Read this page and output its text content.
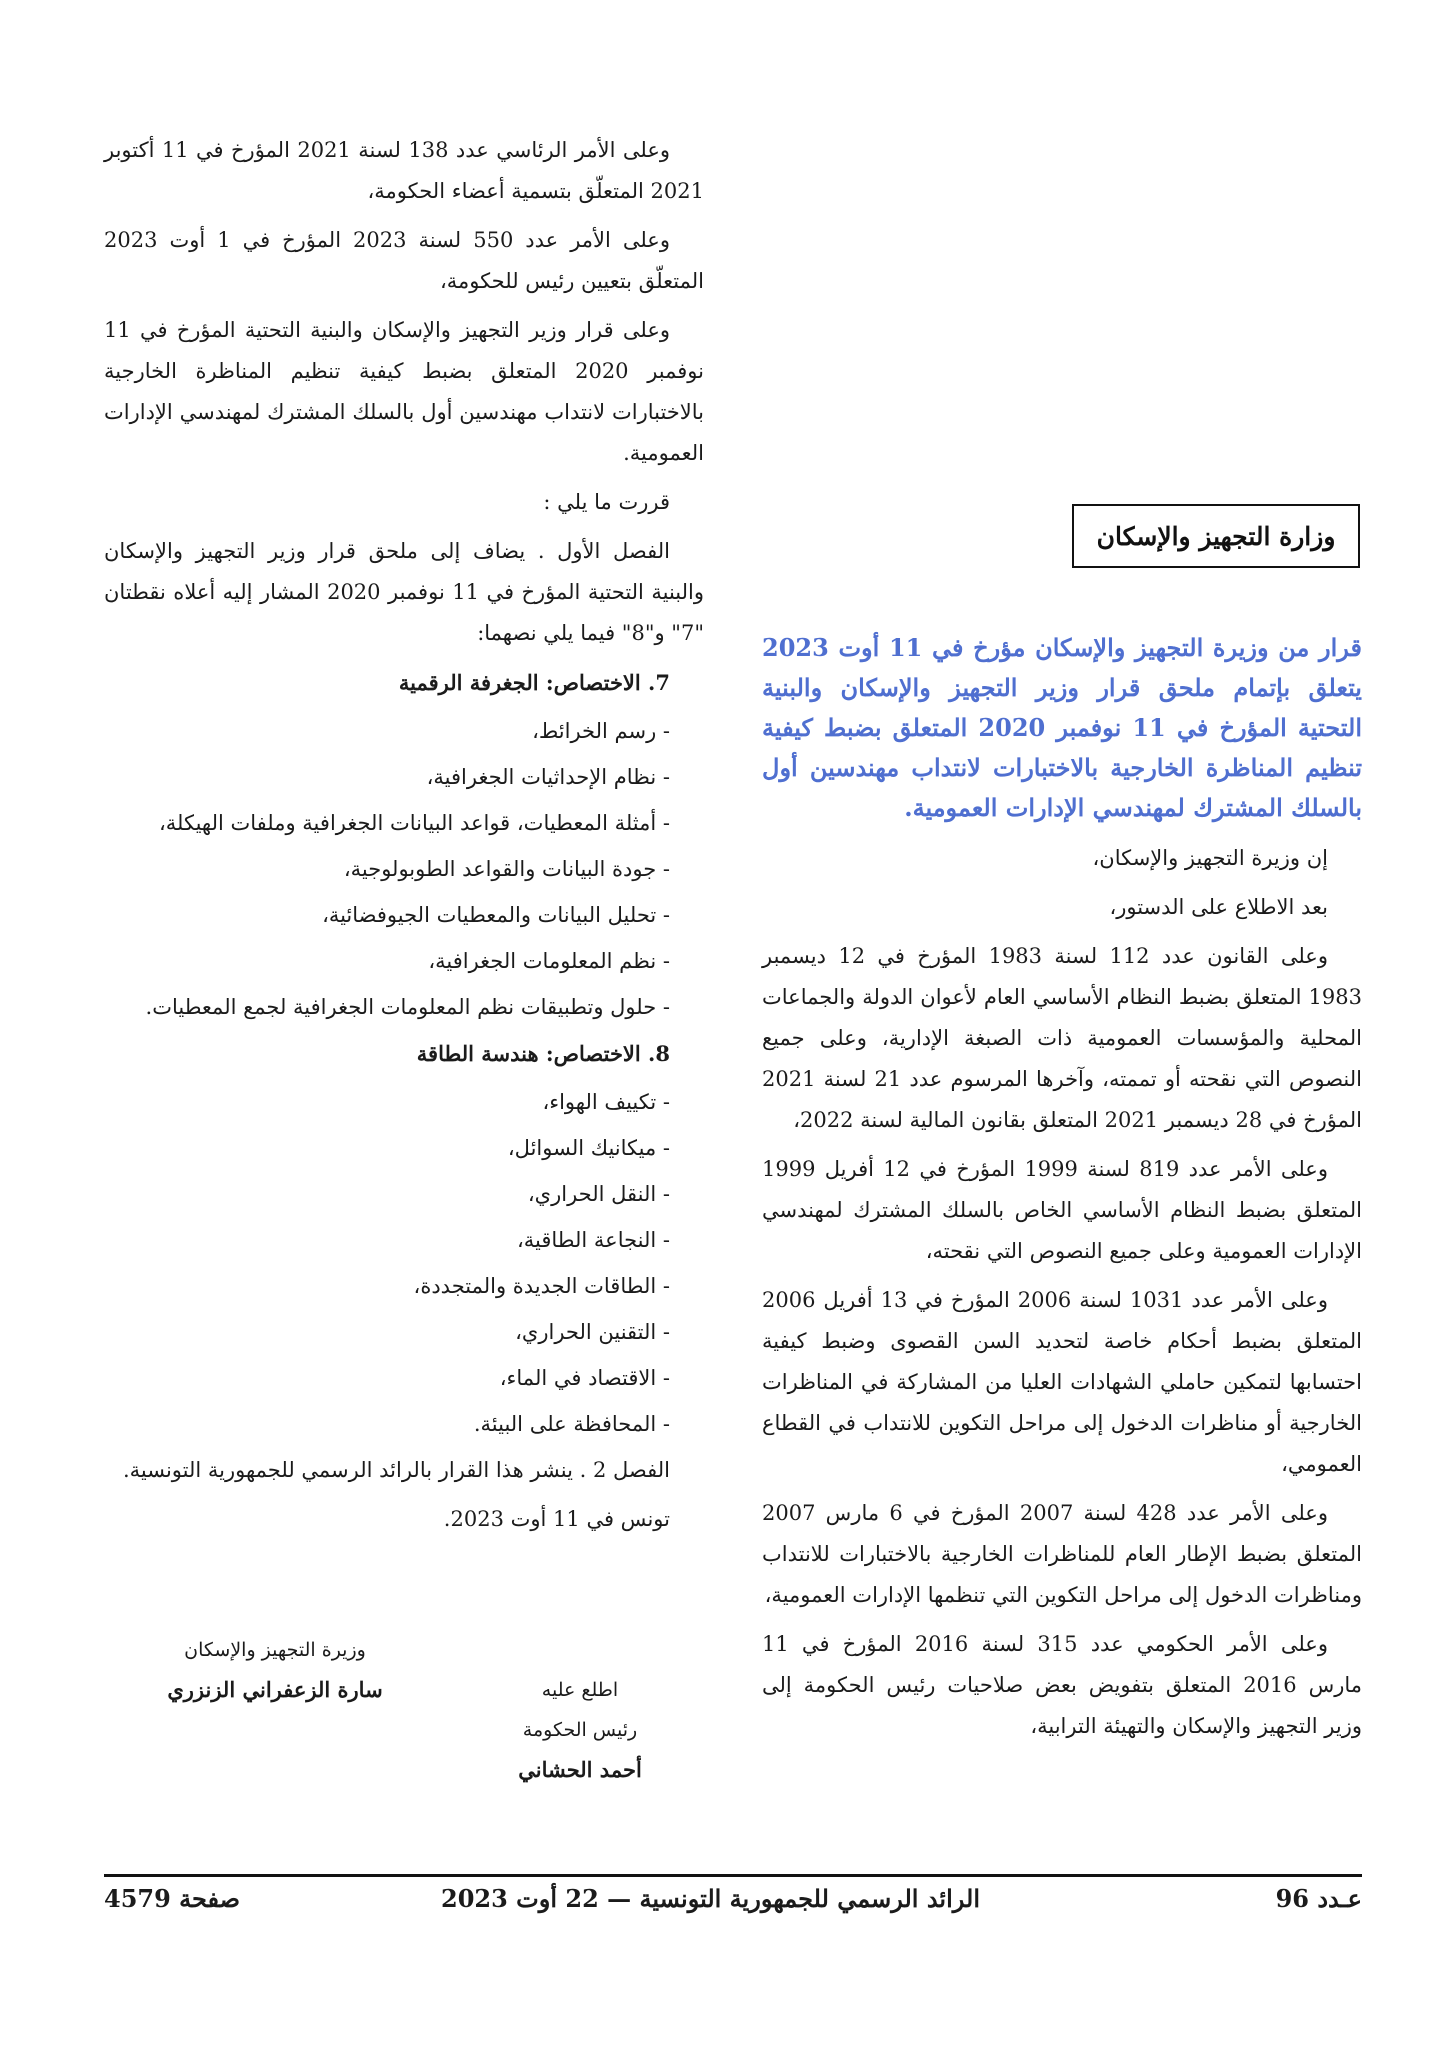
وعلى الأمر الرئاسي عدد 138 لسنة 2021 المؤرخ في 11 أكتوبر 2021 المتعلّق بتسمية أعضاء الحكومة،

وعلى الأمر عدد 550 لسنة 2023 المؤرخ في 1 أوت 2023 المتعلّق بتعيين رئيس للحكومة،

وعلى قرار وزير التجهيز والإسكان والبنية التحتية المؤرخ في 11 نوفمبر 2020 المتعلق بضبط كيفية تنظيم المناظرة الخارجية بالاختبارات لانتداب مهندسين أول بالسلك المشترك لمهندسي الإدارات العمومية.

قررت ما يلي :

الفصل الأول . يضاف إلى ملحق قرار وزير التجهيز والإسكان والبنية التحتية المؤرخ في 11 نوفمبر 2020 المشار إليه أعلاه نقطتان "7" و"8" فيما يلي نصهما:

7. الاختصاص: الجغرفة الرقمية
- رسم الخرائط،
- نظام الإحداثيات الجغرافية،
- أمثلة المعطيات، قواعد البيانات الجغرافية وملفات الهيكلة،
- جودة البيانات والقواعد الطوبولوجية،
- تحليل البيانات والمعطيات الجيوفضائية،
- نظم المعلومات الجغرافية،
- حلول وتطبيقات نظم المعلومات الجغرافية لجمع المعطيات.
8. الاختصاص: هندسة الطاقة
- تكييف الهواء،
- ميكانيك السوائل،
- النقل الحراري،
- النجاعة الطاقية،
- الطاقات الجديدة والمتجددة،
- التقنين الحراري،
- الاقتصاد في الماء،
- المحافظة على البيئة.

الفصل 2 . ينشر هذا القرار بالرائد الرسمي للجمهورية التونسية.

تونس في 11 أوت 2023.

وزيرة التجهيز والإسكان
سارة الزعفراني الزنزري	اطلع عليه
رئيس الحكومة
أحمد الحشاني
وزارة التجهيز والإسكان
قرار من وزيرة التجهيز والإسكان مؤرخ في 11 أوت 2023 يتعلق بإتمام ملحق قرار وزير التجهيز والإسكان والبنية التحتية المؤرخ في 11 نوفمبر 2020 المتعلق بضبط كيفية تنظيم المناظرة الخارجية بالاختبارات لانتداب مهندسين أول بالسلك المشترك لمهندسي الإدارات العمومية.

إن وزيرة التجهيز والإسكان،

بعد الاطلاع على الدستور،

وعلى القانون عدد 112 لسنة 1983 المؤرخ في 12 ديسمبر 1983 المتعلق بضبط النظام الأساسي العام لأعوان الدولة والجماعات المحلية والمؤسسات العمومية ذات الصبغة الإدارية، وعلى جميع النصوص التي نقحته أو تممته، وآخرها المرسوم عدد 21 لسنة 2021 المؤرخ في 28 ديسمبر 2021 المتعلق بقانون المالية لسنة 2022،

وعلى الأمر عدد 819 لسنة 1999 المؤرخ في 12 أفريل 1999 المتعلق بضبط النظام الأساسي الخاص بالسلك المشترك لمهندسي الإدارات العمومية وعلى جميع النصوص التي نقحته،

وعلى الأمر عدد 1031 لسنة 2006 المؤرخ في 13 أفريل 2006 المتعلق بضبط أحكام خاصة لتحديد السن القصوى وضبط كيفية احتسابها لتمكين حاملي الشهادات العليا من المشاركة في المناظرات الخارجية أو مناظرات الدخول إلى مراحل التكوين للانتداب في القطاع العمومي،

وعلى الأمر عدد 428 لسنة 2007 المؤرخ في 6 مارس 2007 المتعلق بضبط الإطار العام للمناظرات الخارجية بالاختبارات للانتداب ومناظرات الدخول إلى مراحل التكوين التي تنظمها الإدارات العمومية،

وعلى الأمر الحكومي عدد 315 لسنة 2016 المؤرخ في 11 مارس 2016 المتعلق بتفويض بعض صلاحيات رئيس الحكومة إلى وزير التجهيز والإسكان والتهيئة الترابية،

عـدد 96
الرائد الرسمي للجمهورية التونسية — 22 أوت 2023
صفحة 4579
